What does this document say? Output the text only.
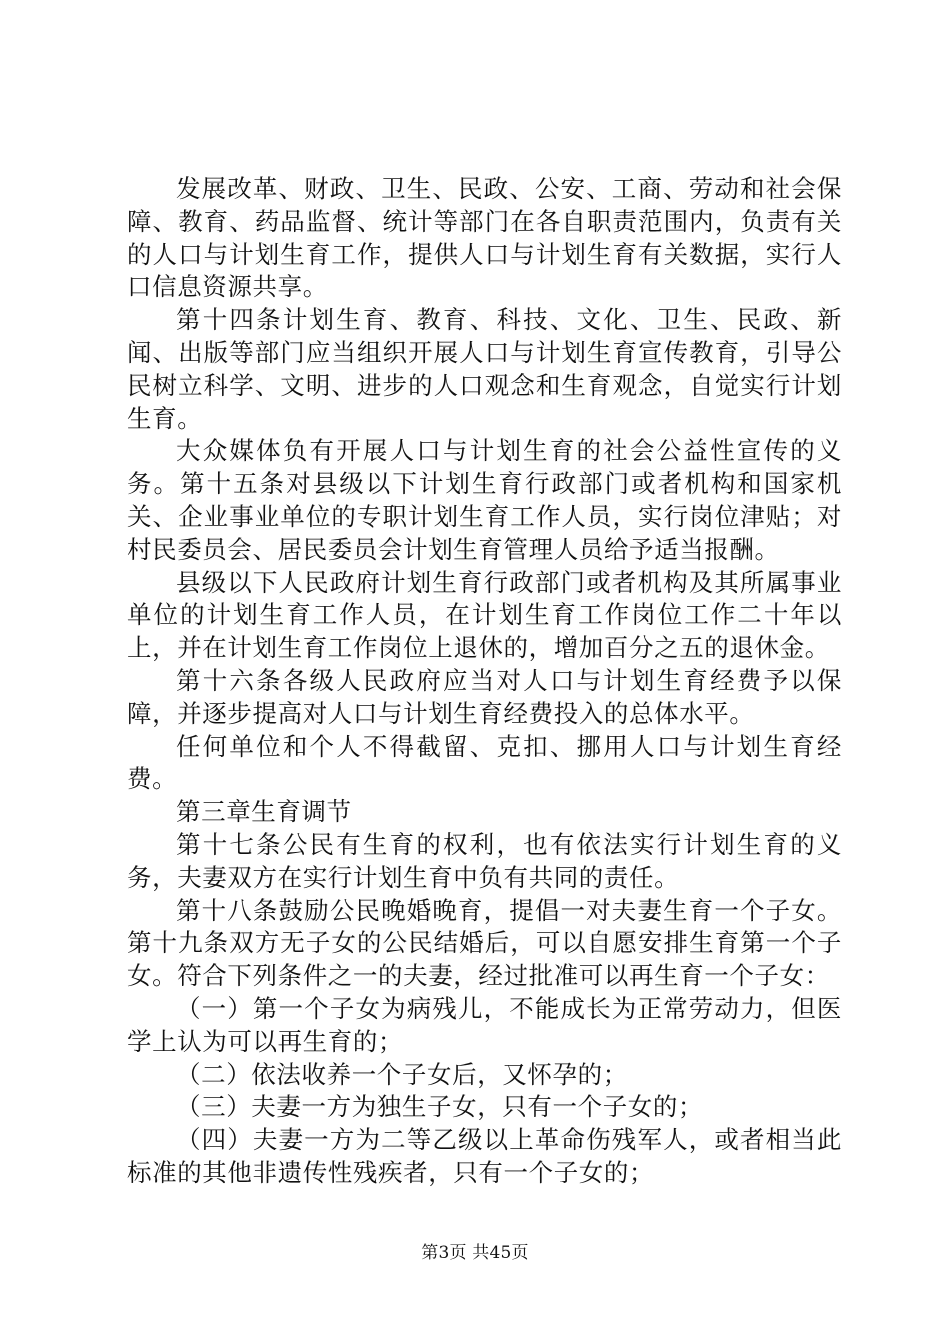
发展改革、财政、卫生、民政、公安、工商、劳动和社会保障、教育、药品监督、统计等部门在各自职责范围内，负责有关的人口与计划生育工作，提供人口与计划生育有关数据，实行人口信息资源共享。

第十四条计划生育、教育、科技、文化、卫生、民政、新闻、出版等部门应当组织开展人口与计划生育宣传教育，引导公民树立科学、文明、进步的人口观念和生育观念，自觉实行计划生育。

大众媒体负有开展人口与计划生育的社会公益性宣传的义务。第十五条对县级以下计划生育行政部门或者机构和国家机关、企业事业单位的专职计划生育工作人员，实行岗位津贴；对村民委员会、居民委员会计划生育管理人员给予适当报酬。

县级以下人民政府计划生育行政部门或者机构及其所属事业单位的计划生育工作人员，在计划生育工作岗位工作二十年以上，并在计划生育工作岗位上退休的，增加百分之五的退休金。

第十六条各级人民政府应当对人口与计划生育经费予以保障，并逐步提高对人口与计划生育经费投入的总体水平。

任何单位和个人不得截留、克扣、挪用人口与计划生育经费。

第三章生育调节

第十七条公民有生育的权利，也有依法实行计划生育的义务，夫妻双方在实行计划生育中负有共同的责任。

第十八条鼓励公民晚婚晚育，提倡一对夫妻生育一个子女。第十九条双方无子女的公民结婚后，可以自愿安排生育第一个子女。符合下列条件之一的夫妻，经过批准可以再生育一个子女：

（一）第一个子女为病残儿，不能成长为正常劳动力，但医学上认为可以再生育的；

（二）依法收养一个子女后，又怀孕的；

（三）夫妻一方为独生子女，只有一个子女的；

（四）夫妻一方为二等乙级以上革命伤残军人，或者相当此标准的其他非遗传性残疾者，只有一个子女的；

第3页 共45页
